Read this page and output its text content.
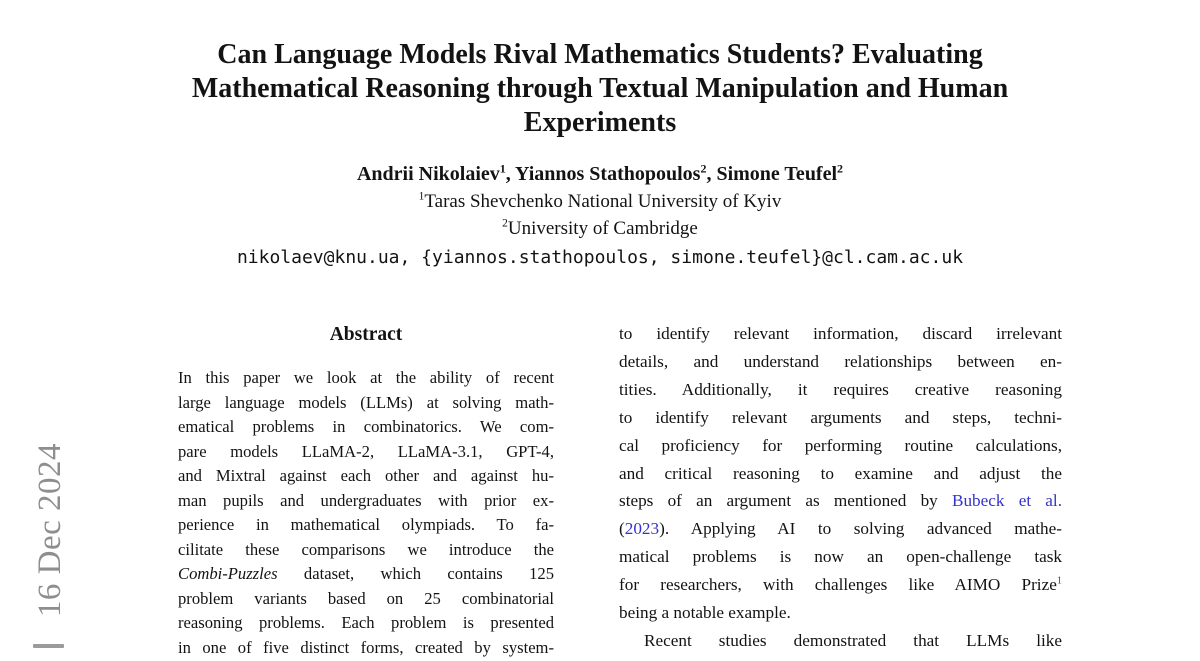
16 Dec 2024
Can Language Models Rival Mathematics Students? Evaluating
Mathematical Reasoning through Textual Manipulation and Human
Experiments
Andrii Nikolaiev$^1$, Yiannos Stathopoulos$^2$, Simone Teufel$^2$
$^1$Taras Shevchenko National University of Kyiv
$^2$University of Cambridge
nikolaev@knu.ua, {yiannos.stathopoulos, simone.teufel}@cl.cam.ac.uk
Abstract
In this paper we look at the ability of recent
large language models (LLMs) at solving math-
ematical problems in combinatorics. We com-
pare models LLaMA-2, LLaMA-3.1, GPT-4,
and Mixtral against each other and against hu-
man pupils and undergraduates with prior ex-
perience in mathematical olympiads. To fa-
cilitate these comparisons we introduce the
Combi-Puzzles dataset, which contains 125
problem variants based on 25 combinatorial
reasoning problems. Each problem is presented
in one of five distinct forms, created by system-
to identify relevant information, discard irrelevant
details, and understand relationships between en-
tities. Additionally, it requires creative reasoning
to identify relevant arguments and steps, techni-
cal proficiency for performing routine calculations,
and critical reasoning to examine and adjust the
steps of an argument as mentioned by Bubeck et al.
(2023). Applying AI to solving advanced mathe-
matical problems is now an open-challenge task
for researchers, with challenges like AIMO Prize$^1$
being a notable example.
Recent studies demonstrated that LLMs like
